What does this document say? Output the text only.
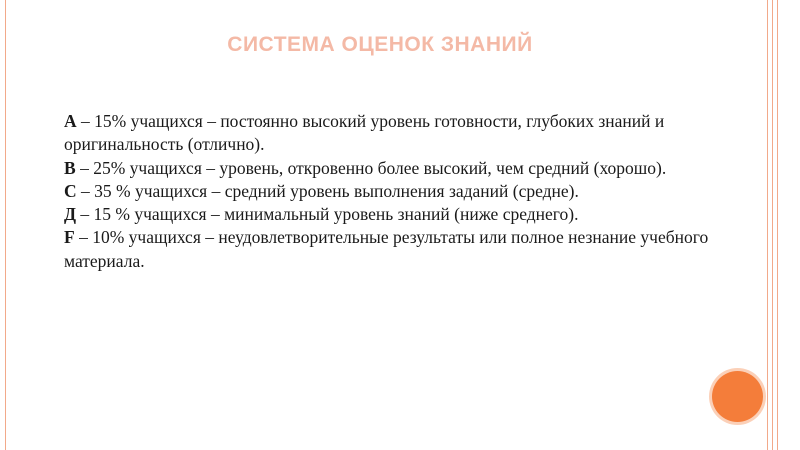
СИСТЕМА ОЦЕНОК ЗНАНИЙ

A – 15% учащихся – постоянно высокий уровень готовности, глубоких знаний и оригинальность (отлично).

B – 25% учащихся – уровень, откровенно более высокий, чем средний (хорошо).

C – 35 % учащихся – средний уровень выполнения заданий (средне).

Д – 15 % учащихся – минимальный уровень знаний (ниже среднего).

F – 10% учащихся – неудовлетворительные результаты или полное незнание учебного материала.
